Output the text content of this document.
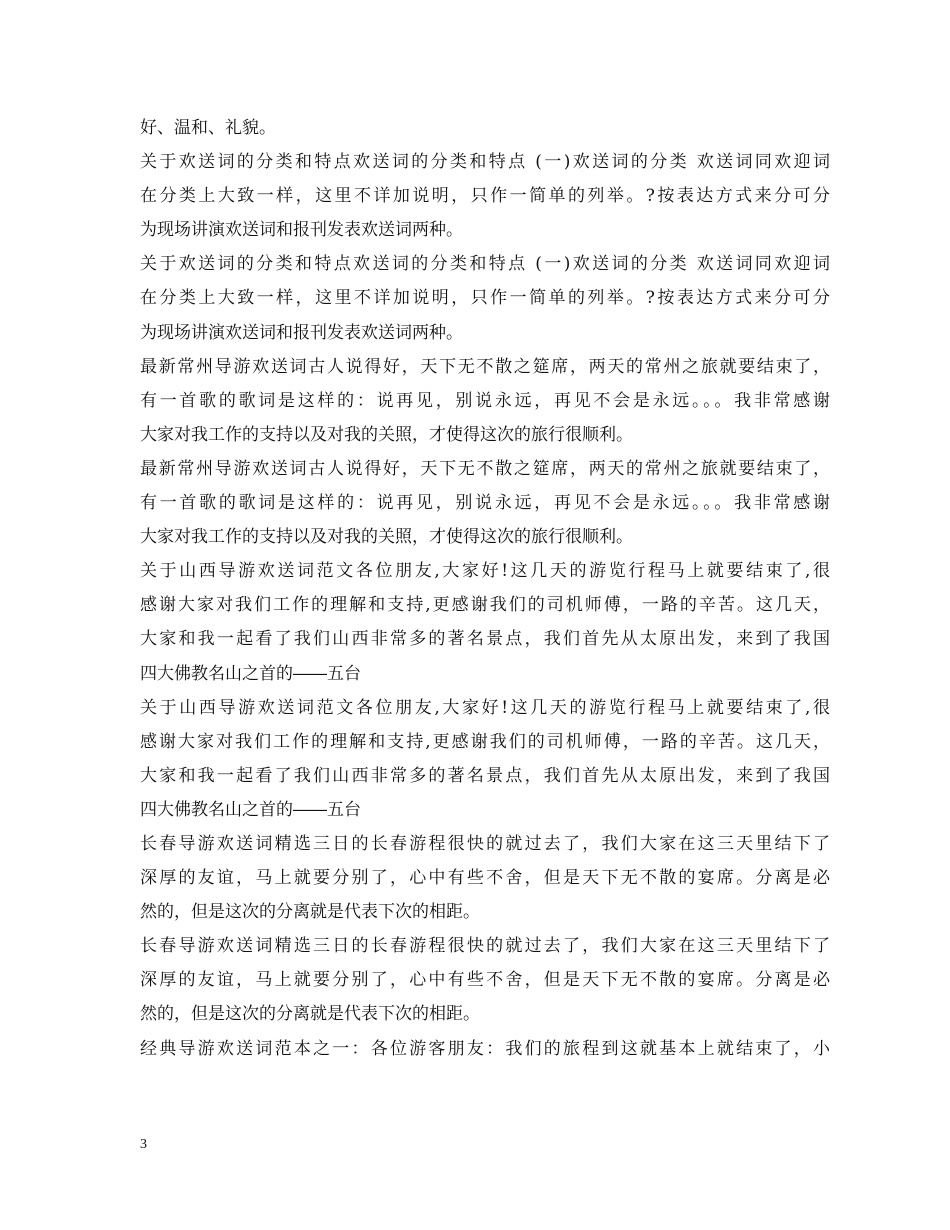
好、温和、礼貌。
关于欢送词的分类和特点欢送词的分类和特点 (一)欢送词的分类 欢送词同欢迎词
在分类上大致一样，这里不详加说明，只作一简单的列举。?按表达方式来分可分
为现场讲演欢送词和报刊发表欢送词两种。
关于欢送词的分类和特点欢送词的分类和特点 (一)欢送词的分类 欢送词同欢迎词
在分类上大致一样，这里不详加说明，只作一简单的列举。?按表达方式来分可分
为现场讲演欢送词和报刊发表欢送词两种。
最新常州导游欢送词古人说得好，天下无不散之筵席，两天的常州之旅就要结束了，
有一首歌的歌词是这样的：说再见，别说永远，再见不会是永远。。。我非常感谢
大家对我工作的支持以及对我的关照，才使得这次的旅行很顺利。
最新常州导游欢送词古人说得好，天下无不散之筵席，两天的常州之旅就要结束了，
有一首歌的歌词是这样的：说再见，别说永远，再见不会是永远。。。我非常感谢
大家对我工作的支持以及对我的关照，才使得这次的旅行很顺利。
关于山西导游欢送词范文各位朋友,大家好!这几天的游览行程马上就要结束了,很
感谢大家对我们工作的理解和支持,更感谢我们的司机师傅，一路的辛苦。这几天，
大家和我一起看了我们山西非常多的著名景点，我们首先从太原出发，来到了我国
四大佛教名山之首的――五台
关于山西导游欢送词范文各位朋友,大家好!这几天的游览行程马上就要结束了,很
感谢大家对我们工作的理解和支持,更感谢我们的司机师傅，一路的辛苦。这几天，
大家和我一起看了我们山西非常多的著名景点，我们首先从太原出发，来到了我国
四大佛教名山之首的――五台
长春导游欢送词精选三日的长春游程很快的就过去了，我们大家在这三天里结下了
深厚的友谊，马上就要分别了，心中有些不舍，但是天下无不散的宴席。分离是必
然的，但是这次的分离就是代表下次的相距。
长春导游欢送词精选三日的长春游程很快的就过去了，我们大家在这三天里结下了
深厚的友谊，马上就要分别了，心中有些不舍，但是天下无不散的宴席。分离是必
然的，但是这次的分离就是代表下次的相距。
经典导游欢送词范本之一：各位游客朋友：我们的旅程到这就基本上就结束了，小
3
